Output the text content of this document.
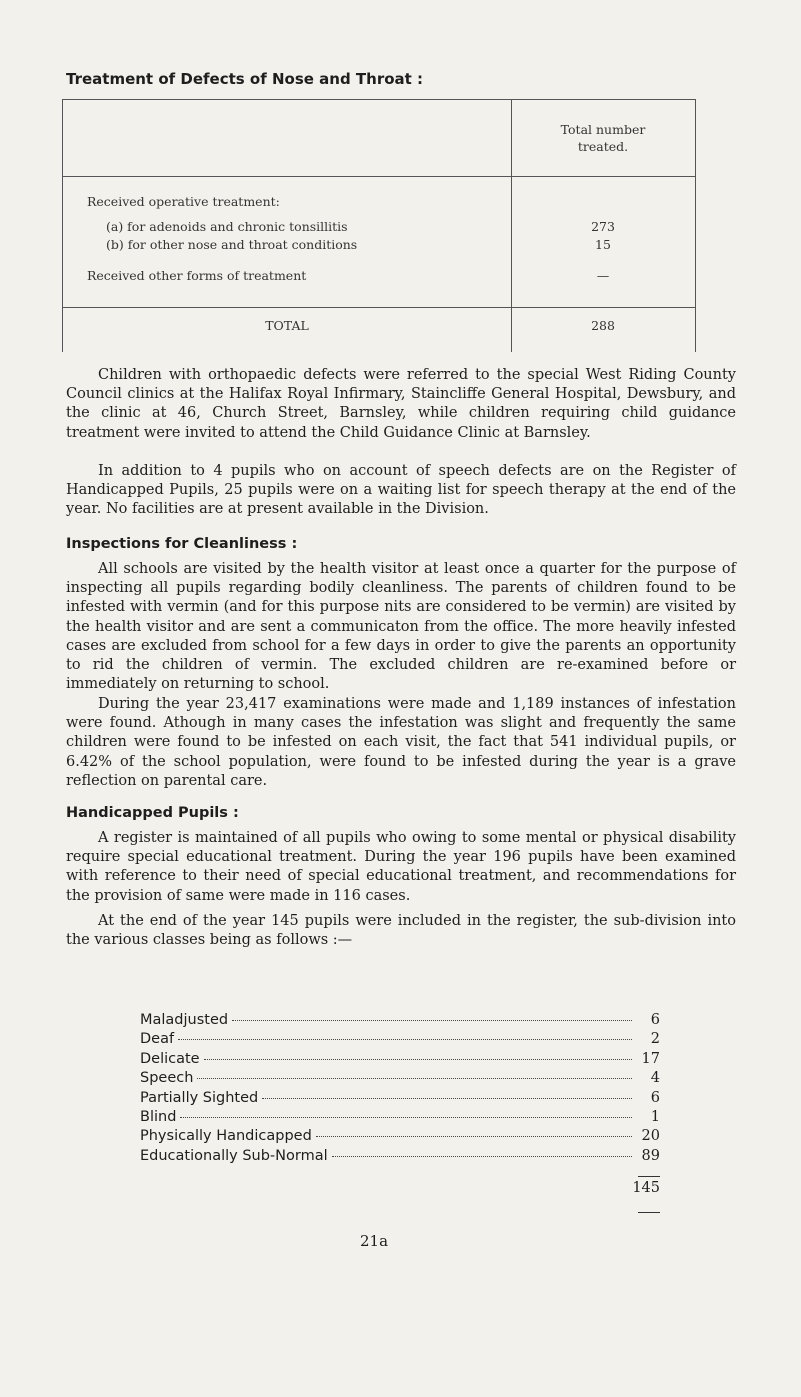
Treatment of Defects of Nose and Throat :
Total number
treated.
Received operative treatment:
(a) for adenoids and chronic tonsillitis	273
(b) for other nose and throat conditions	15
Received other forms of treatment	—
TOTAL	288

Children with orthopaedic defects were referred to the special West Riding County Council clinics at the Halifax Royal Infirmary, Staincliffe General Hospital, Dewsbury, and the clinic at 46, Church Street, Barnsley, while children requiring child guidance treatment were invited to attend the Child Guidance Clinic at Barnsley.

In addition to 4 pupils who on account of speech defects are on the Register of Handicapped Pupils, 25 pupils were on a waiting list for speech therapy at the end of the year. No facilities are at present available in the Division.

Inspections for Cleanliness :

All schools are visited by the health visitor at least once a quarter for the purpose of inspecting all pupils regarding bodily cleanliness. The parents of children found to be infested with vermin (and for this purpose nits are considered to be vermin) are visited by the health visitor and are sent a communicaton from the office. The more heavily infested cases are excluded from school for a few days in order to give the parents an opportunity to rid the children of vermin. The excluded children are re-examined before or immediately on returning to school.

During the year 23,417 examinations were made and 1,189 instances of infestation were found. Athough in many cases the infestation was slight and frequently the same children were found to be infested on each visit, the fact that 541 individual pupils, or 6.42% of the school population, were found to be infested during the year is a grave reflection on parental care.

Handicapped Pupils :

A register is maintained of all pupils who owing to some mental or physical disability require special educational treatment. During the year 196 pupils have been examined with reference to their need of special educational treatment, and recommendations for the provision of same were made in 116 cases.

At the end of the year 145 pupils were included in the register, the sub-division into the various classes being as follows :—

Maladjusted	6
Deaf	2
Delicate	17
Speech	4
Partially Sighted	6
Blind	1
Physically Handicapped	20
Educationally Sub-Normal	89
145
21a
